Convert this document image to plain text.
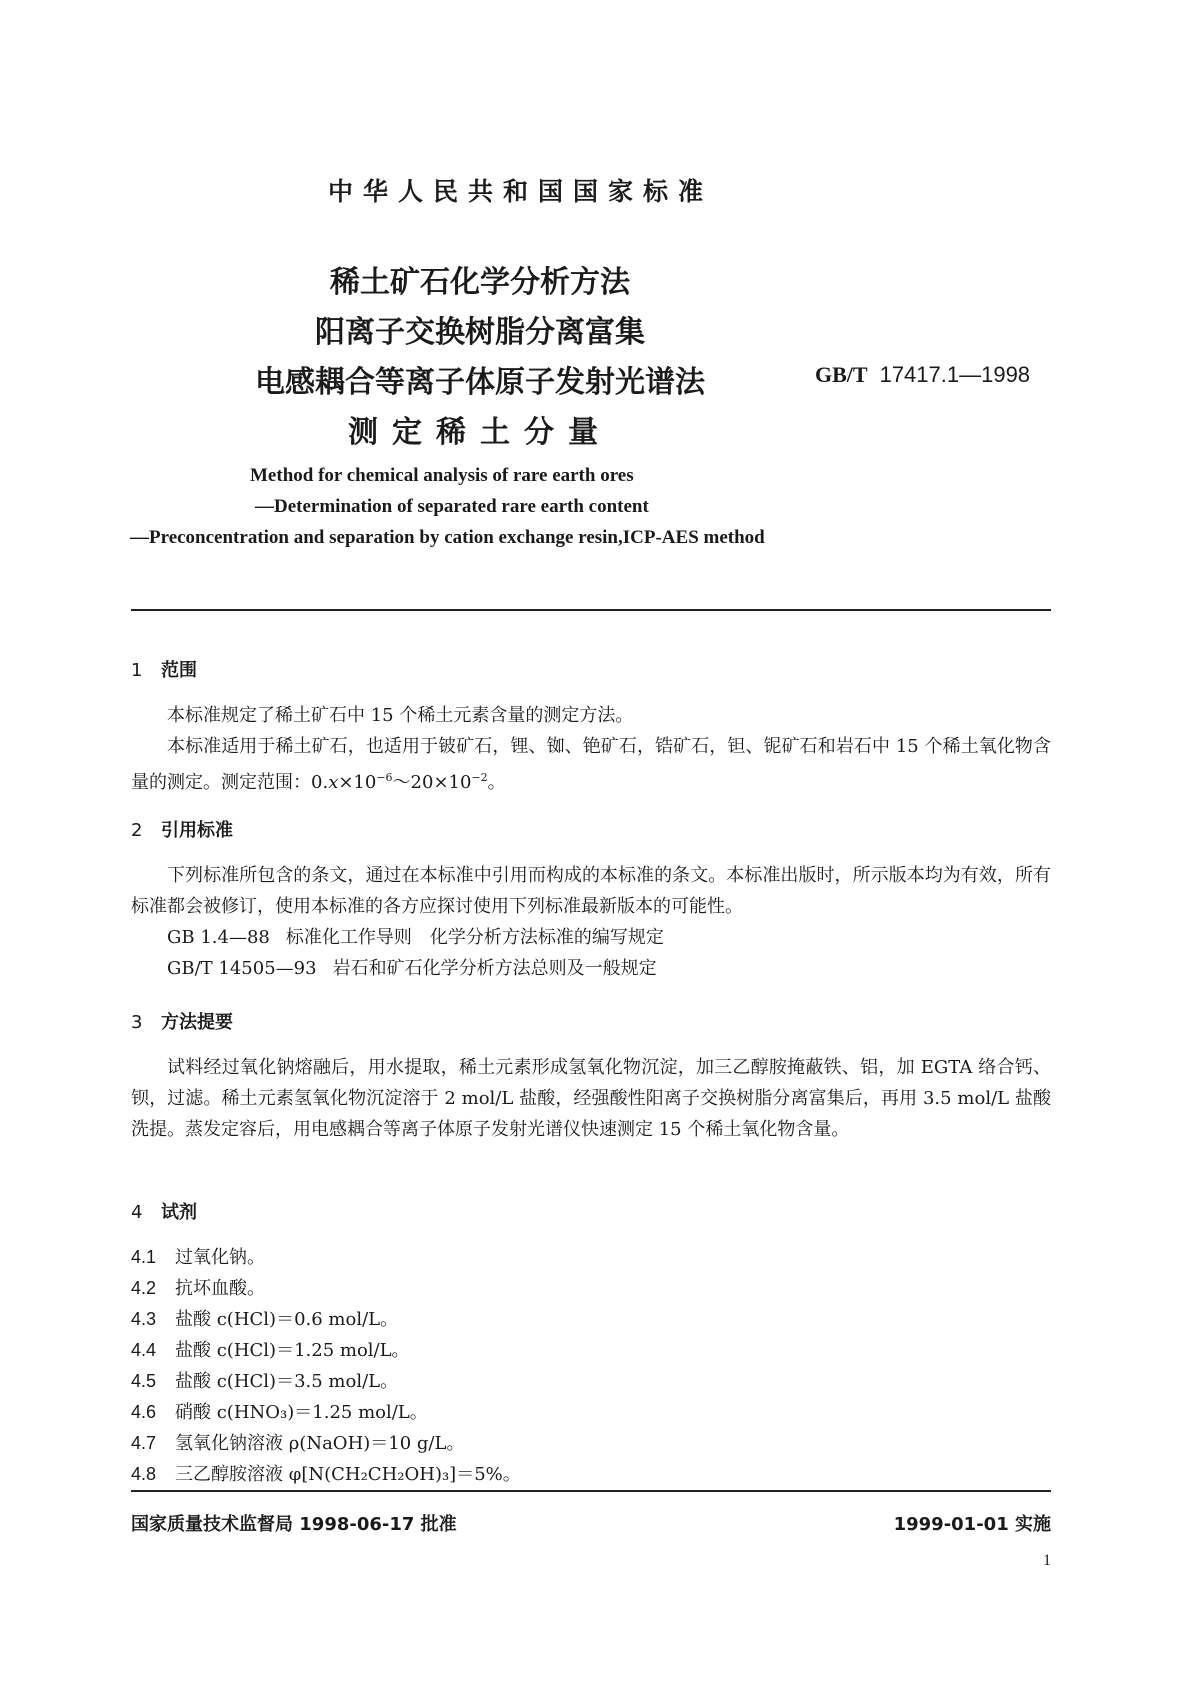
中华人民共和国国家标准
稀土矿石化学分析方法
阳离子交换树脂分离富集
电感耦合等离子体原子发射光谱法
测定稀土分量
GB/T 17417.1—1998
Method for chemical analysis of rare earth ores
—Determination of separated rare earth content
—Preconcentration and separation by cation exchange resin,ICP-AES method
1 范围

本标准规定了稀土矿石中 15 个稀土元素含量的测定方法。

本标准适用于稀土矿石，也适用于铍矿石，锂、铷、铯矿石，锆矿石，钽、铌矿石和岩石中 15 个稀土氧化物含量的测定。测定范围：$0.x\times 10^{-6}\sim 20\times 10^{-2}$。

2 引用标准

下列标准所包含的条文，通过在本标准中引用而构成的本标准的条文。本标准出版时，所示版本均为有效，所有标准都会被修订，使用本标准的各方应探讨使用下列标准最新版本的可能性。

GB 1.4—88 标准化工作导则　化学分析方法标准的编写规定
GB/T 14505—93 岩石和矿石化学分析方法总则及一般规定
3 方法提要

试料经过氧化钠熔融后，用水提取，稀土元素形成氢氧化物沉淀，加三乙醇胺掩蔽铁、铝，加 EGTA 络合钙、钡，过滤。稀土元素氢氧化物沉淀溶于 2 mol/L 盐酸，经强酸性阳离子交换树脂分离富集后，再用 3.5 mol/L 盐酸洗提。蒸发定容后，用电感耦合等离子体原子发射光谱仪快速测定 15 个稀土氧化物含量。

4 试剂
4.1 过氧化钠。
4.2 抗坏血酸。
4.3 盐酸 c(HCl)＝0.6 mol/L。
4.4 盐酸 c(HCl)＝1.25 mol/L。
4.5 盐酸 c(HCl)＝3.5 mol/L。
4.6 硝酸 c(HNO₃)＝1.25 mol/L。
4.7 氢氧化钠溶液 ρ(NaOH)＝10 g/L。
4.8 三乙醇胺溶液 φ[N(CH₂CH₂OH)₃]＝5%。
国家质量技术监督局 1998-06-17 批准	1999-01-01 实施
1
